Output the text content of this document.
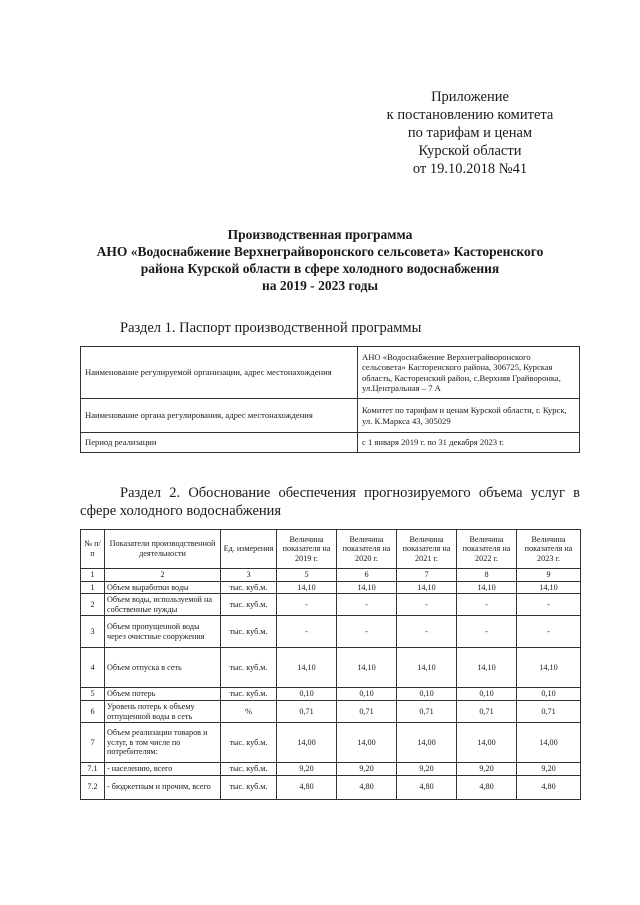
Приложение
к постановлению комитета
по тарифам и ценам
Курской области
от 19.10.2018 №41
Производственная программа
АНО «Водоснабжение Верхнеграйворонского сельсовета» Касторенского
района Курской области в сфере холодного водоснабжения
на 2019 - 2023 годы
Раздел 1. Паспорт производственной программы
Наименование регулируемой организации, адрес местонахождения	АНО «Водоснабжение Верхнеграйворонского сельсовета» Касторенского района, 306725, Курская область, Касторенский район, с.Верхняя Грайворонка, ул.Центральная – 7 А
Наименование органа регулирования, адрес местонахождения	Комитет по тарифам и ценам Курской области, г. Курск, ул. К.Маркса 43, 305029
Период реализации	с 1 января 2019 г. по 31 декабря 2023 г.
Раздел 2. Обоснование обеспечения прогнозируемого объема услуг в сфере холодного водоснабжения
№ п/п	Показатели производственной деятельности	Ед. измерения	Величина показателя на 2019 г.	Величина показателя на 2020 г.	Величина показателя на 2021 г.	Величина показателя на 2022 г.	Величина показателя на 2023 г.
1	2	3	5	6	7	8	9
1	Объем выработки воды	тыс. куб.м.	14,10	14,10	14,10	14,10	14,10
2	Объем воды, используемой на собственные нужды	тыс. куб.м.	-	-	-	-	-
3	Объем пропущенной воды через очистные сооружения	тыс. куб.м.	-	-	-	-	-
4	Объем отпуска в сеть	тыс. куб.м.	14,10	14,10	14,10	14,10	14,10
5	Объем потерь	тыс. куб.м.	0,10	0,10	0,10	0,10	0,10
6	Уровень потерь к объему отпущенной воды в сеть	%	0,71	0,71	0,71	0,71	0,71
7	Объем реализации товаров и услуг, в том числе по потребителям:	тыс. куб.м.	14,00	14,00	14,00	14,00	14,00
7.1	- населению, всего	тыс. куб.м.	9,20	9,20	9,20	9,20	9,20
7.2	- бюджетным и прочим, всего	тыс. куб.м.	4,80	4,80	4,80	4,80	4,80
